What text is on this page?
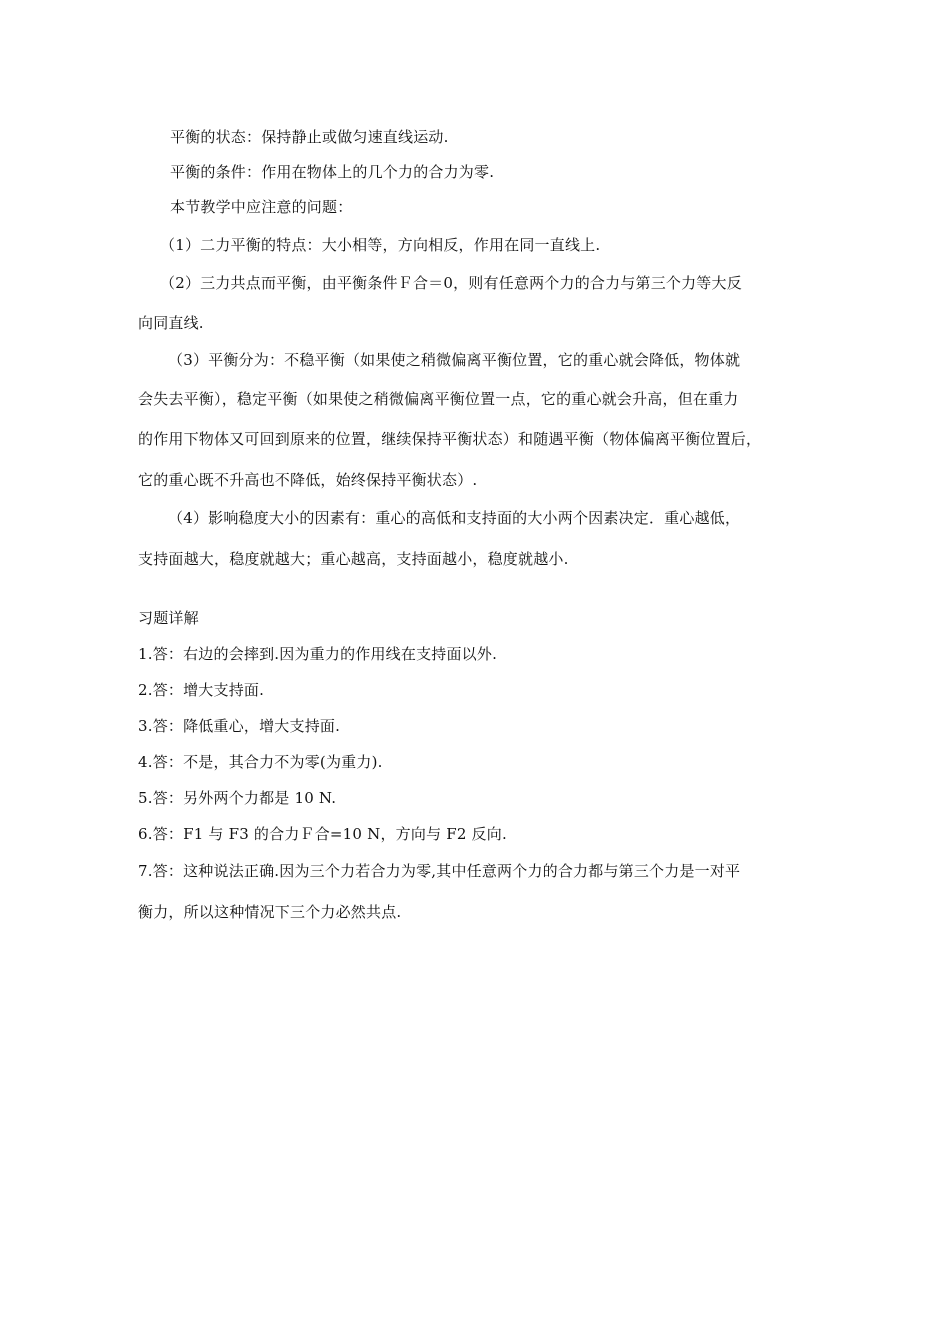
平衡的状态：保持静止或做匀速直线运动.
平衡的条件：作用在物体上的几个力的合力为零.
本节教学中应注意的问题：
（1）二力平衡的特点：大小相等，方向相反，作用在同一直线上.
（2）三力共点而平衡，由平衡条件Ｆ合＝0，则有任意两个力的合力与第三个力等大反
向同直线.
（3）平衡分为：不稳平衡（如果使之稍微偏离平衡位置，它的重心就会降低，物体就
会失去平衡），稳定平衡（如果使之稍微偏离平衡位置一点，它的重心就会升高，但在重力
的作用下物体又可回到原来的位置，继续保持平衡状态）和随遇平衡（物体偏离平衡位置后，
它的重心既不升高也不降低，始终保持平衡状态）.
（4）影响稳度大小的因素有：重心的高低和支持面的大小两个因素决定．重心越低，
支持面越大，稳度就越大；重心越高，支持面越小，稳度就越小.
习题详解
1.答：右边的会摔到.因为重力的作用线在支持面以外.
2.答：增大支持面.
3.答：降低重心，增大支持面.
4.答：不是，其合力不为零(为重力).
5.答：另外两个力都是 10 N.
6.答：F1 与 F3 的合力Ｆ合=10 N，方向与 F2 反向.
7.答：这种说法正确.因为三个力若合力为零,其中任意两个力的合力都与第三个力是一对平
衡力，所以这种情况下三个力必然共点.
